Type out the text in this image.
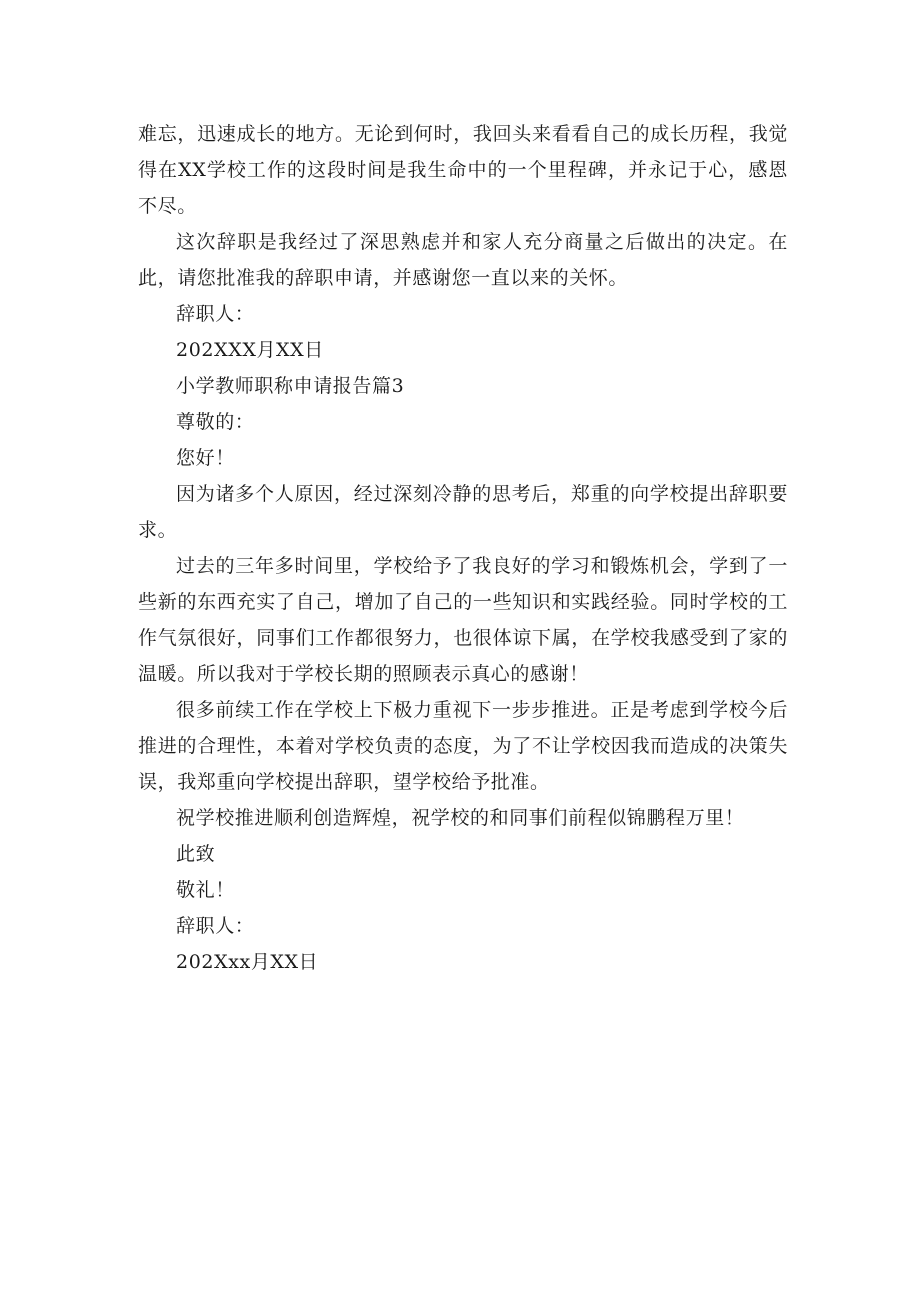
难忘，迅速成长的地方。无论到何时，我回头来看看自己的成长历程，我觉得在XX学校工作的这段时间是我生命中的一个里程碑，并永记于心，感恩不尽。

这次辞职是我经过了深思熟虑并和家人充分商量之后做出的决定。在此，请您批准我的辞职申请，并感谢您一直以来的关怀。

辞职人：

202XXX月XX日

小学教师职称申请报告篇3

尊敬的：

您好！

因为诸多个人原因，经过深刻冷静的思考后，郑重的向学校提出辞职要求。

过去的三年多时间里，学校给予了我良好的学习和锻炼机会，学到了一些新的东西充实了自己，增加了自己的一些知识和实践经验。同时学校的工作气氛很好，同事们工作都很努力，也很体谅下属，在学校我感受到了家的温暖。所以我对于学校长期的照顾表示真心的感谢！

很多前续工作在学校上下极力重视下一步步推进。正是考虑到学校今后推进的合理性，本着对学校负责的态度，为了不让学校因我而造成的决策失误，我郑重向学校提出辞职，望学校给予批准。

祝学校推进顺利创造辉煌，祝学校的和同事们前程似锦鹏程万里！

此致

敬礼！

辞职人：

202Xxx月XX日
